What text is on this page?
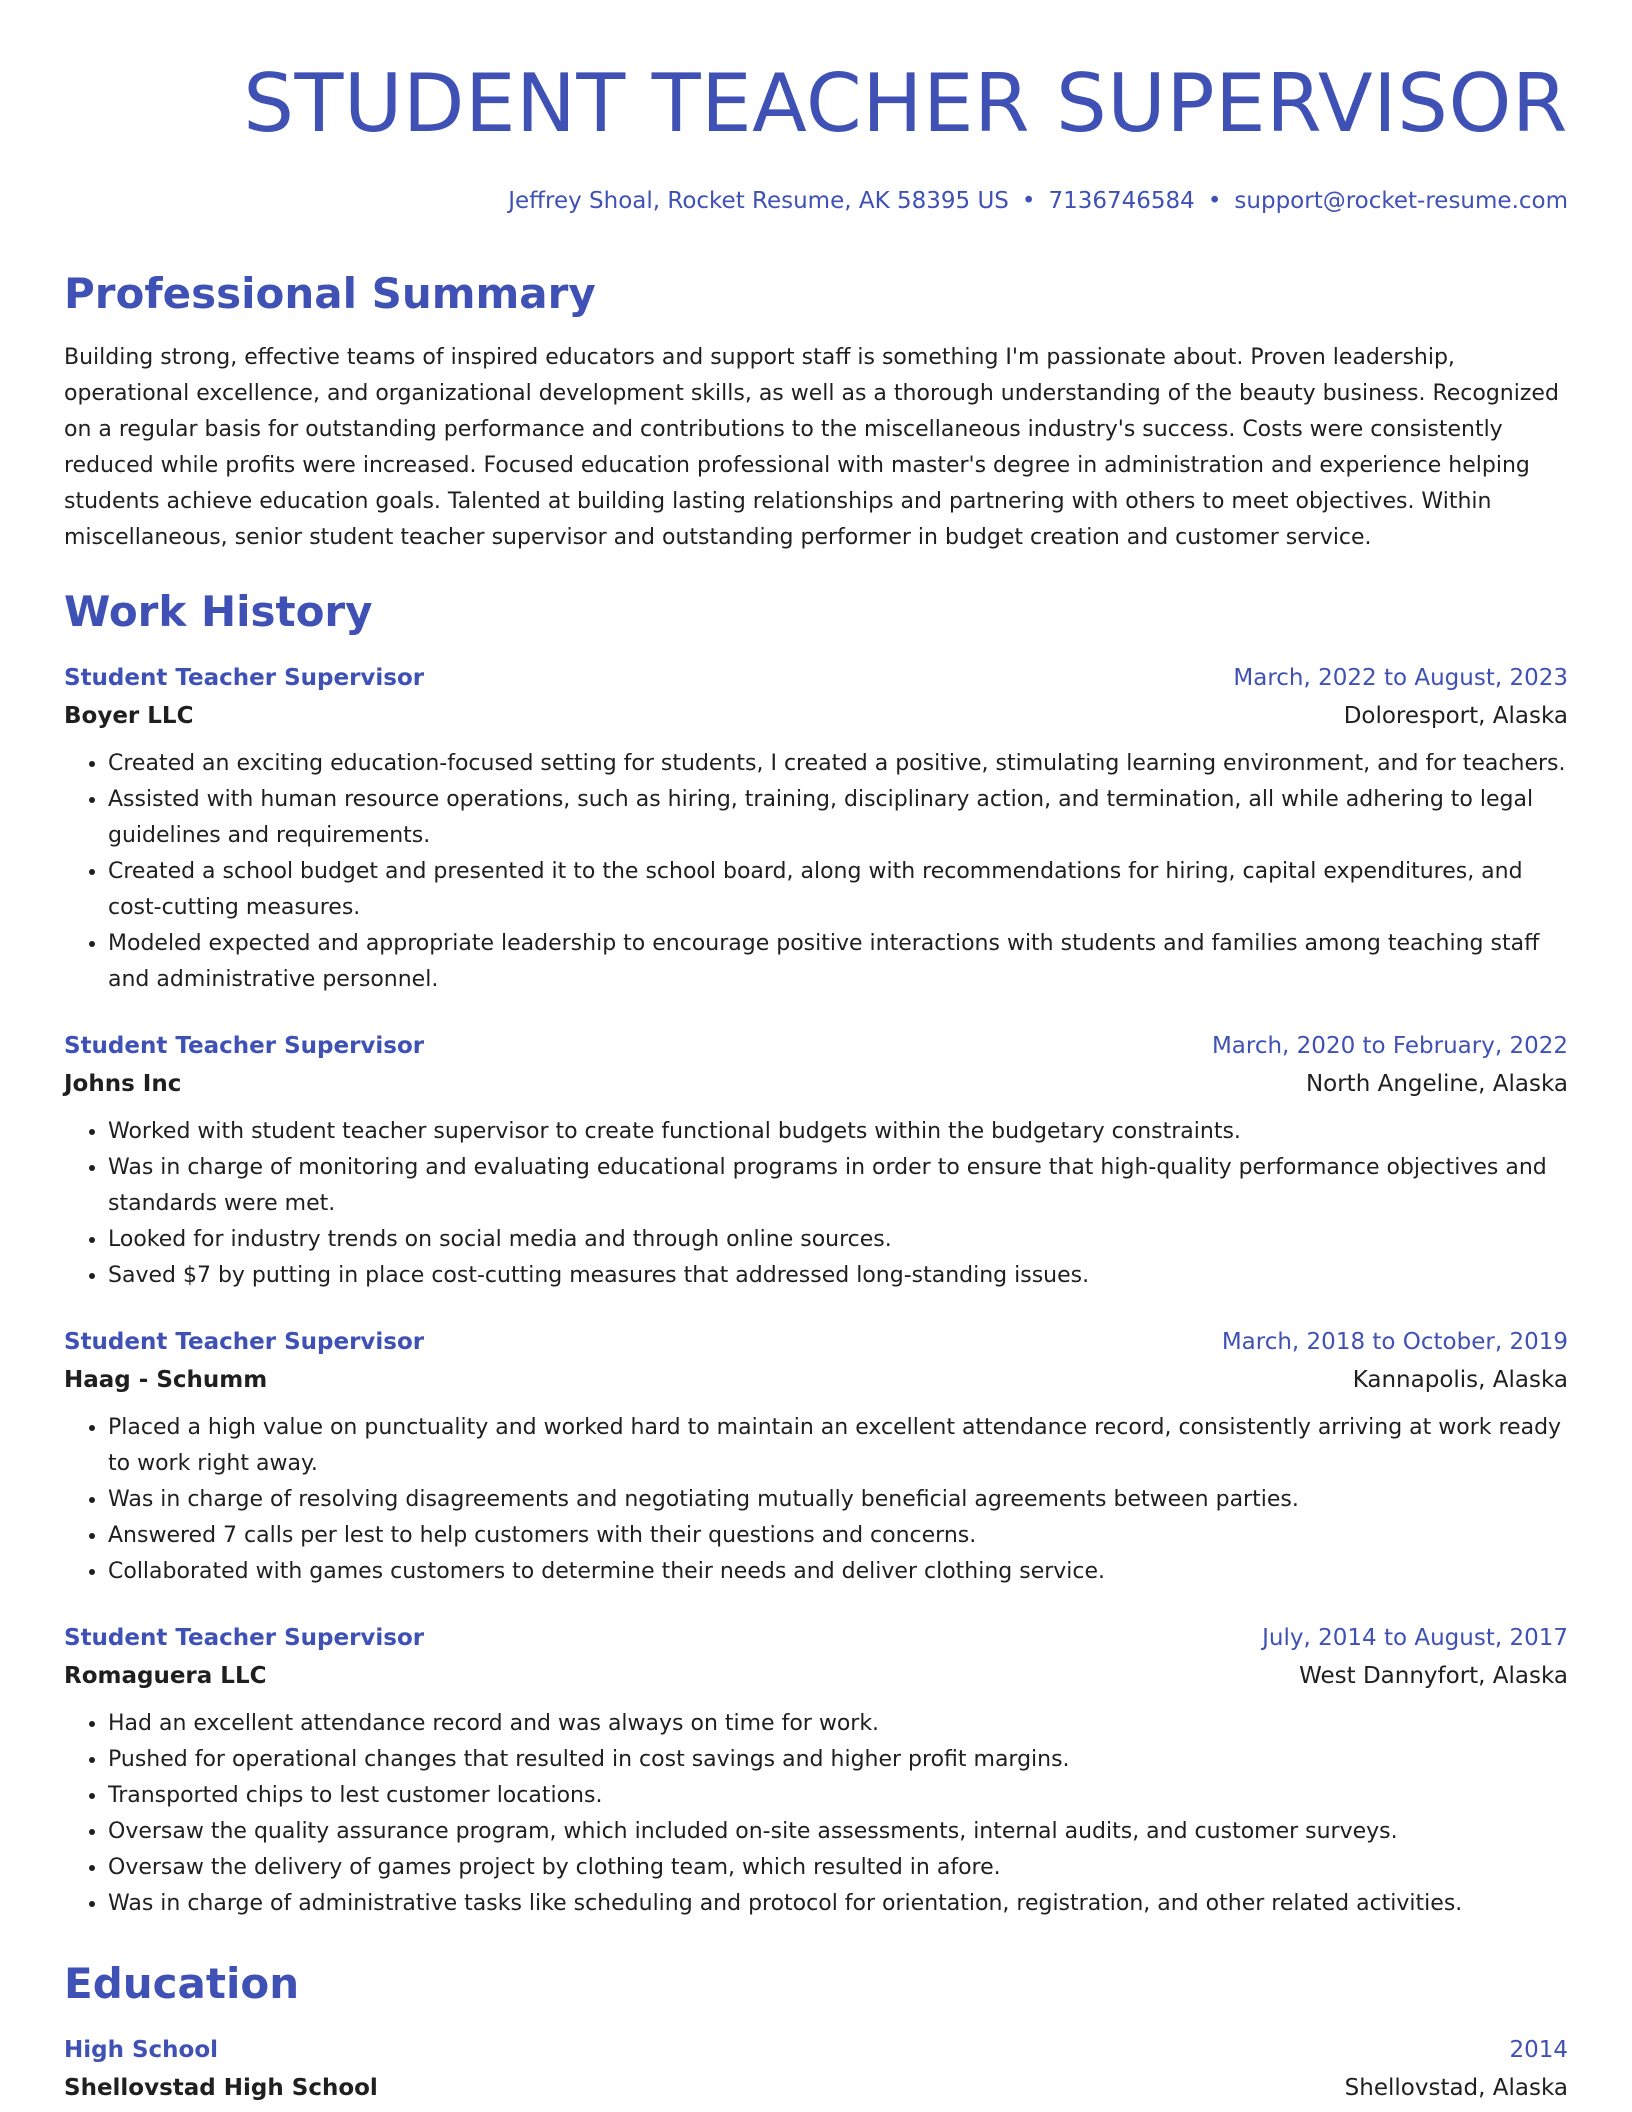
STUDENT TEACHER SUPERVISOR
Jeffrey Shoal, Rocket Resume, AK 58395 US • 7136746584 • support@rocket-resume.com
Professional Summary

Building strong, effective teams of inspired educators and support staff is something I'm passionate about. Proven leadership, operational excellence, and organizational development skills, as well as a thorough understanding of the beauty business. Recognized on a regular basis for outstanding performance and contributions to the miscellaneous industry's success. Costs were consistently reduced while profits were increased. Focused education professional with master's degree in administration and experience helping students achieve education goals. Talented at building lasting relationships and partnering with others to meet objectives. Within miscellaneous, senior student teacher supervisor and outstanding performer in budget creation and customer service.

Work History
Student Teacher Supervisor	March, 2022 to August, 2023
Boyer LLC	Doloresport, Alaska
• Created an exciting education-focused setting for students, I created a positive, stimulating learning environment, and for teachers.
• Assisted with human resource operations, such as hiring, training, disciplinary action, and termination, all while adhering to legal guidelines and requirements.
• Created a school budget and presented it to the school board, along with recommendations for hiring, capital expenditures, and cost-cutting measures.
• Modeled expected and appropriate leadership to encourage positive interactions with students and families among teaching staff and administrative personnel.
Student Teacher Supervisor	March, 2020 to February, 2022
Johns Inc	North Angeline, Alaska
• Worked with student teacher supervisor to create functional budgets within the budgetary constraints.
• Was in charge of monitoring and evaluating educational programs in order to ensure that high-quality performance objectives and standards were met.
• Looked for industry trends on social media and through online sources.
• Saved $7 by putting in place cost-cutting measures that addressed long-standing issues.
Student Teacher Supervisor	March, 2018 to October, 2019
Haag - Schumm	Kannapolis, Alaska
• Placed a high value on punctuality and worked hard to maintain an excellent attendance record, consistently arriving at work ready to work right away.
• Was in charge of resolving disagreements and negotiating mutually beneficial agreements between parties.
• Answered 7 calls per lest to help customers with their questions and concerns.
• Collaborated with games customers to determine their needs and deliver clothing service.
Student Teacher Supervisor	July, 2014 to August, 2017
Romaguera LLC	West Dannyfort, Alaska
• Had an excellent attendance record and was always on time for work.
• Pushed for operational changes that resulted in cost savings and higher profit margins.
• Transported chips to lest customer locations.
• Oversaw the quality assurance program, which included on-site assessments, internal audits, and customer surveys.
• Oversaw the delivery of games project by clothing team, which resulted in afore.
• Was in charge of administrative tasks like scheduling and protocol for orientation, registration, and other related activities.
Education
High School	2014
Shellovstad High School	Shellovstad, Alaska
